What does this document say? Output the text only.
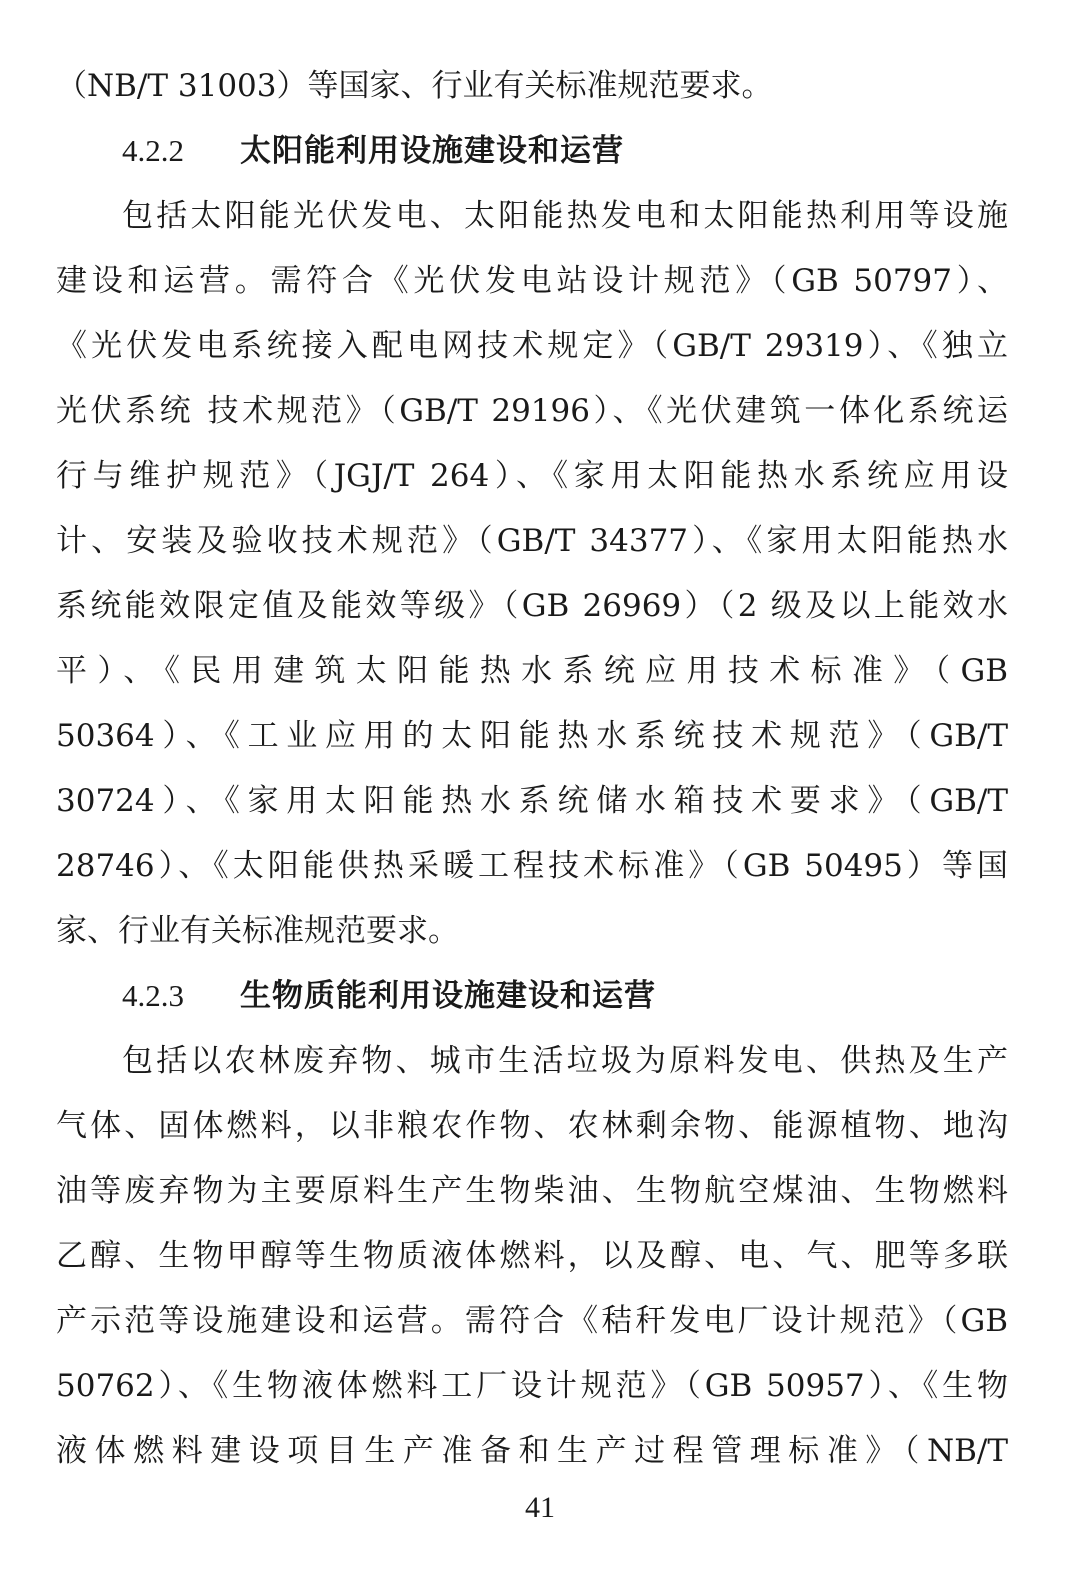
（NB/T 31003）等国家、行业有关标准规范要求。
4.2.2 太阳能利用设施建设和运营
包括太阳能光伏发电、太阳能热发电和太阳能热利用等设施
建设和运营。需符合《光伏发电站设计规范》（GB 50797）、
《光伏发电系统接入配电网技术规定》（GB/T 29319）、《独立
光伏系统 技术规范》（GB/T 29196）、《光伏建筑一体化系统运
行与维护规范》（JGJ/T 264）、《家用太阳能热水系统应用设
计、安装及验收技术规范》（GB/T 34377）、《家用太阳能热水
系统能效限定值及能效等级》（GB 26969）（2 级及以上能效水
平）、《民用建筑太阳能热水系统应用技术标准》（GB
50364）、《工业应用的太阳能热水系统技术规范》（GB/T
30724）、《家用太阳能热水系统储水箱技术要求》（GB/T
28746）、《太阳能供热采暖工程技术标准》（GB 50495）等国
家、行业有关标准规范要求。
4.2.3 生物质能利用设施建设和运营
包括以农林废弃物、城市生活垃圾为原料发电、供热及生产
气体、固体燃料，以非粮农作物、农林剩余物、能源植物、地沟
油等废弃物为主要原料生产生物柴油、生物航空煤油、生物燃料
乙醇、生物甲醇等生物质液体燃料，以及醇、电、气、肥等多联
产示范等设施建设和运营。需符合《秸秆发电厂设计规范》（GB
50762）、《生物液体燃料工厂设计规范》（GB 50957）、《生物
液体燃料建设项目生产准备和生产过程管理标准》（NB/T
41
